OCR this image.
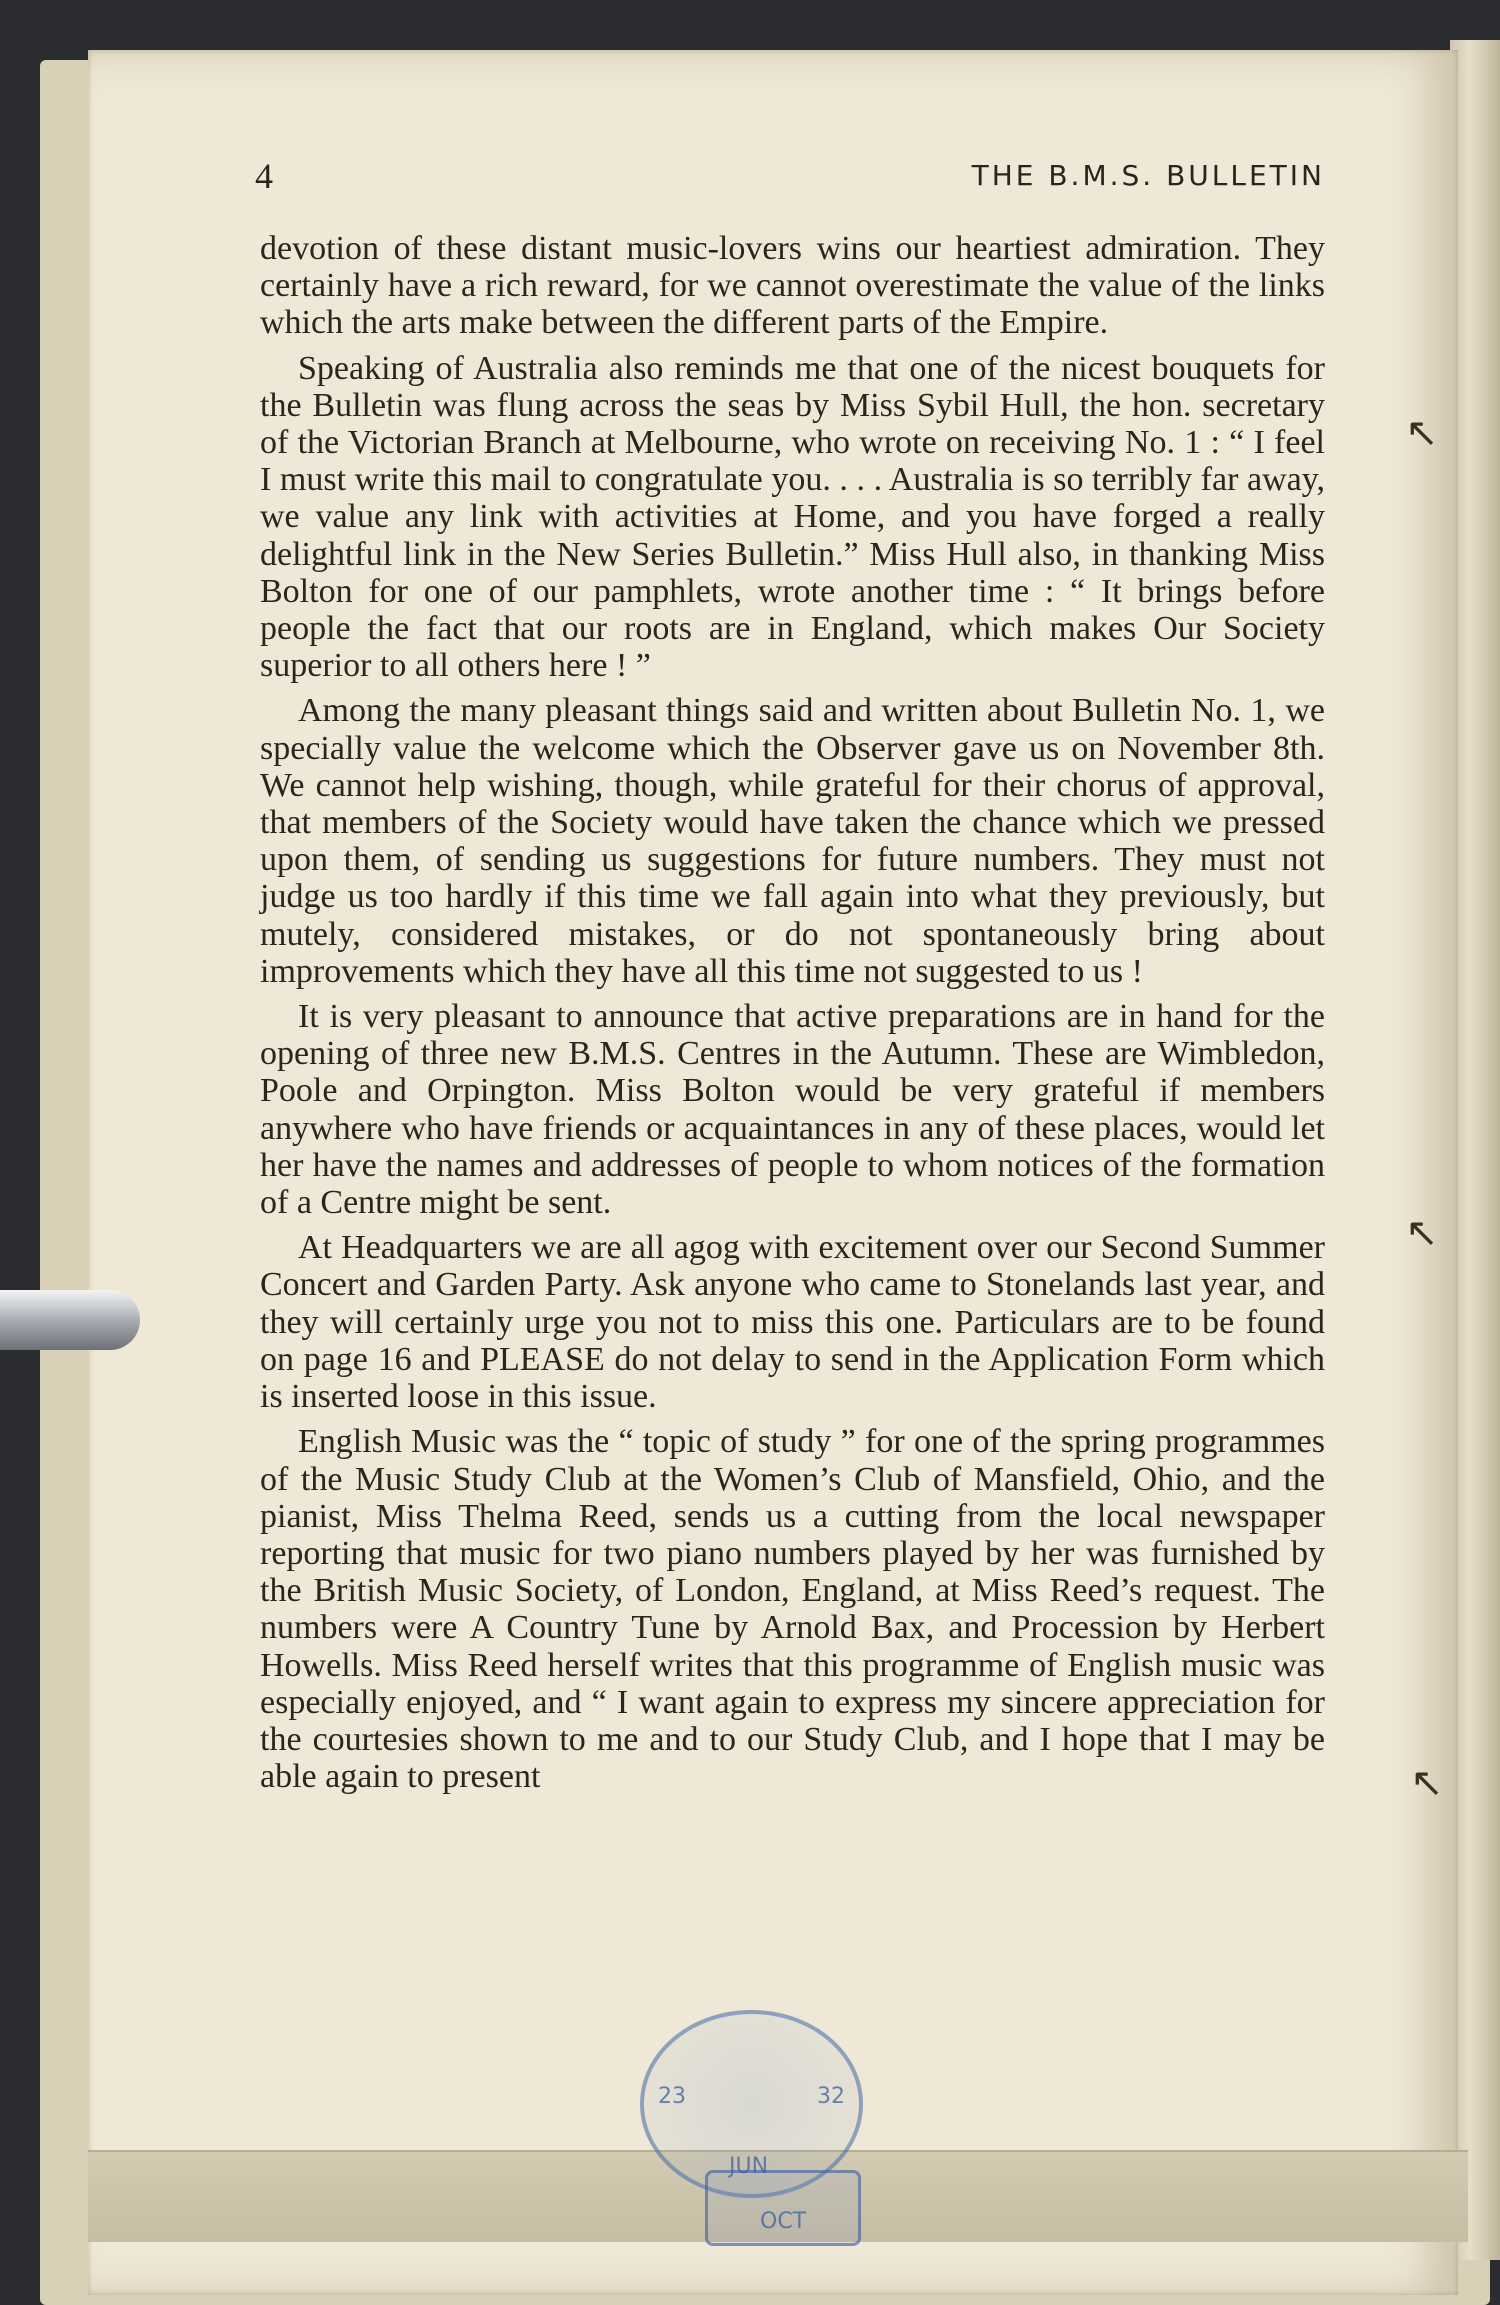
4	THE B.M.S. BULLETIN

devotion of these distant music-lovers wins our heartiest admiration. They certainly have a rich reward, for we cannot overestimate the value of the links which the arts make between the different parts of the Empire.

Speaking of Australia also reminds me that one of the nicest bouquets for the Bulletin was flung across the seas by Miss Sybil Hull, the hon. secretary of the Victorian Branch at Melbourne, who wrote on receiving No. 1 : “ I feel I must write this mail to congratulate you. . . . Australia is so terribly far away, we value any link with activities at Home, and you have forged a really delightful link in the New Series Bulletin.” Miss Hull also, in thanking Miss Bolton for one of our pamphlets, wrote another time : “ It brings before people the fact that our roots are in England, which makes Our Society superior to all others here ! ”

Among the many pleasant things said and written about Bulletin No. 1, we specially value the welcome which the Observer gave us on November 8th. We cannot help wishing, though, while grateful for their chorus of approval, that members of the Society would have taken the chance which we pressed upon them, of sending us suggestions for future numbers. They must not judge us too hardly if this time we fall again into what they previously, but mutely, considered mistakes, or do not spontaneously bring about improvements which they have all this time not suggested to us !

It is very pleasant to announce that active preparations are in hand for the opening of three new B.M.S. Centres in the Autumn. These are Wimbledon, Poole and Orpington. Miss Bolton would be very grateful if members anywhere who have friends or acquaintances in any of these places, would let her have the names and addresses of people to whom notices of the formation of a Centre might be sent.

At Headquarters we are all agog with excitement over our Second Summer Concert and Garden Party. Ask anyone who came to Stonelands last year, and they will certainly urge you not to miss this one. Particulars are to be found on page 16 and PLEASE do not delay to send in the Application Form which is inserted loose in this issue.

English Music was the “ topic of study ” for one of the spring programmes of the Music Study Club at the Women’s Club of Mansfield, Ohio, and the pianist, Miss Thelma Reed, sends us a cutting from the local newspaper reporting that music for two piano numbers played by her was furnished by the British Music Society, of London, England, at Miss Reed’s request. The numbers were A Country Tune by Arnold Bax, and Procession by Herbert Howells. Miss Reed herself writes that this programme of English music was especially enjoyed, and “ I want again to express my sincere appreciation for the courtesies shown to me and to our Study Club, and I hope that I may be able again to present

↖
↖
↖
23	32
JUN
OCT
